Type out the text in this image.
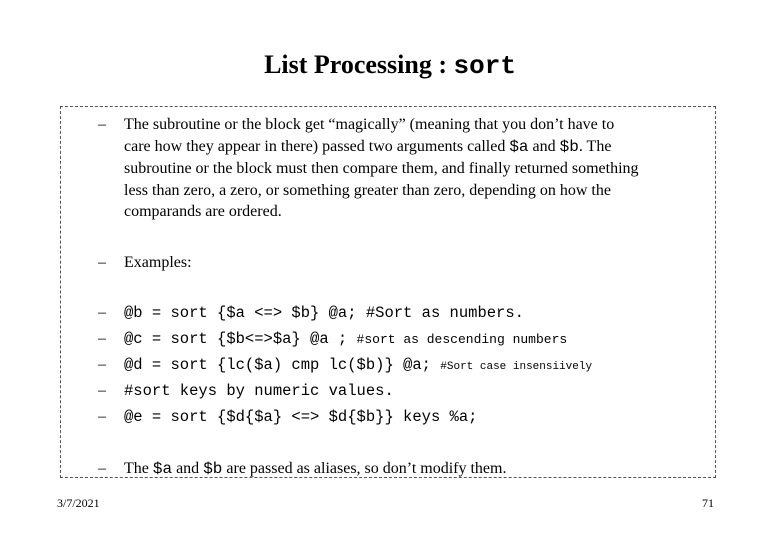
List Processing : sort
– The subroutine or the block get “magically” (meaning that you don’t have to
care how they appear in there) passed two arguments called $a and $b. The
subroutine or the block must then compare them, and finally returned something
less than zero, a zero, or something greater than zero, depending on how the
comparands are ordered.
– Examples:
– @b = sort {$a <=> $b} @a; #Sort as numbers.
– @c = sort {$b<=>$a} @a ; #sort as descending numbers
– @d = sort {lc($a) cmp lc($b)} @a; #Sort case insensiively
– #sort keys by numeric values.
– @e = sort {$d{$a} <=> $d{$b}} keys %a;
– The $a and $b are passed as aliases, so don’t modify them.
3/7/2021	71
